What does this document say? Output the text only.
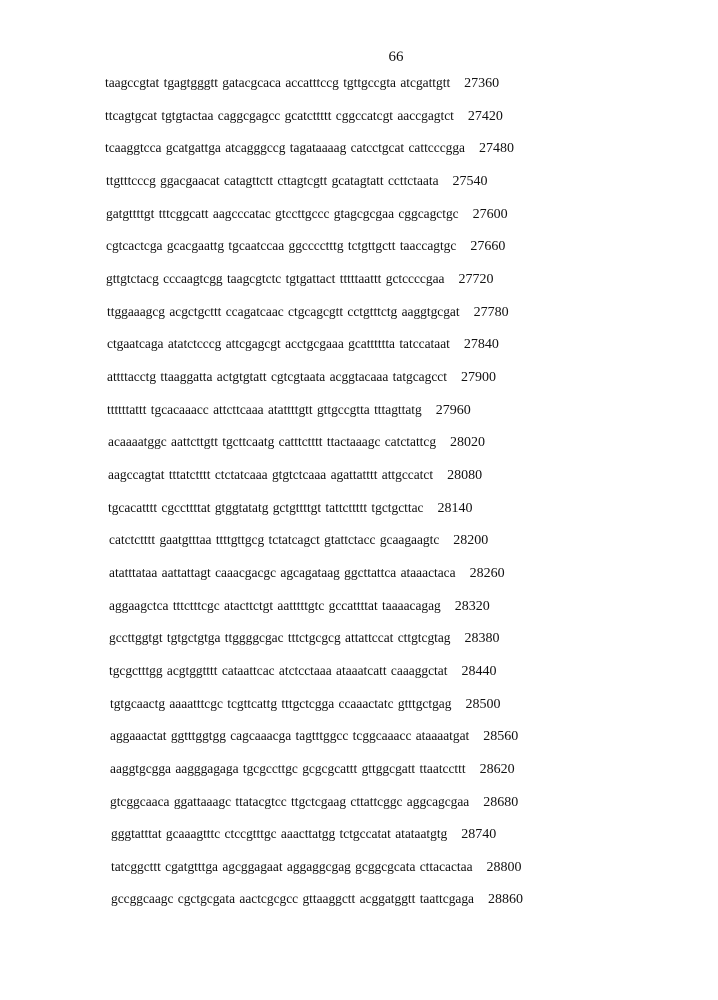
66
taagccgtat tgagtgggtt gatacgcaca accatttccg tgttgccgta atcgattgtt 27360
ttcagtgcat tgtgtactaa caggcgagcc gcatcttttt cggccatcgt aaccgagtct 27420
tcaaggtcca gcatgattga atcagggccg tagataaaag catcctgcat cattcccgga 27480
ttgtttcccg ggacgaacat catagttctt cttagtcgtt gcatagtatt ccttctaata 27540
gatgttttgt tttcggcatt aagcccatac gtccttgccc gtagcgcgaa cggcagctgc 27600
cgtcactcga gcacgaattg tgcaatccaa ggcccctttg tctgttgctt taaccagtgc 27660
gttgtctacg cccaagtcgg taagcgtctc tgtgattact tttttaattt gctccccgaa 27720
ttggaaagcg acgctgcttt ccagatcaac ctgcagcgtt cctgtttctg aaggtgcgat 27780
ctgaatcaga atatctcccg attcgagcgt acctgcgaaa gcatttttta tatccataat 27840
attttacctg ttaaggatta actgtgtatt cgtcgtaata acggtacaaa tatgcagcct 27900
ttttttattt tgcacaaacc attcttcaaa atattttgtt gttgccgtta tttagttatg 27960
acaaaatggc aattcttgtt tgcttcaatg catttctttt ttactaaagc catctattcg 28020
aagccagtat tttatctttt ctctatcaaa gtgtctcaaa agattatttt attgccatct 28080
tgcacatttt cgccttttat gtggtatatg gctgttttgt tattcttttt tgctgcttac 28140
catctctttt gaatgtttaa ttttgttgcg tctatcagct gtattctacc gcaagaagtc 28200
atatttataa aattattagt caaacgacgc agcagataag ggcttattca ataaactaca 28260
aggaagctca tttctttcgc atacttctgt aatttttgtc gccattttat taaaacagag 28320
gccttggtgt tgtgctgtga ttggggcgac tttctgcgcg attattccat cttgtcgtag 28380
tgcgctttgg acgtggtttt cataattcac atctcctaaa ataaatcatt caaaggctat 28440
tgtgcaactg aaaatttcgc tcgttcattg tttgctcgga ccaaactatc gtttgctgag 28500
aggaaactat ggtttggtgg cagcaaacga tagtttggcc tcggcaaacc ataaaatgat 28560
aaggtgcgga aagggagaga tgcgccttgc gcgcgcattt gttggcgatt ttaatccttt 28620
gtcggcaaca ggattaaagc ttatacgtcc ttgctcgaag cttattcggc aggcagcgaa 28680
gggtatttat gcaaagtttc ctccgtttgc aaacttatgg tctgccatat atataatgtg 28740
tatcggcttt cgatgtttga agcggagaat aggaggcgag gcggcgcata cttacactaa 28800
gccggcaagc cgctgcgata aactcgcgcc gttaaggctt acggatggtt taattcgaga 28860
